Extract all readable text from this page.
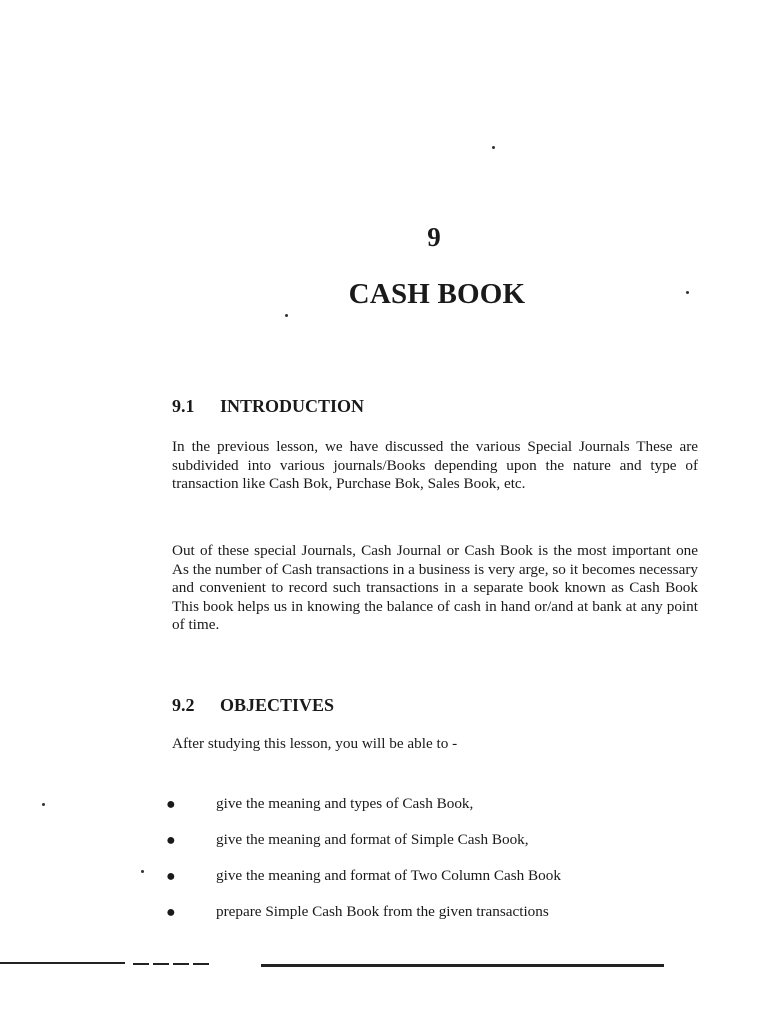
9
CASH BOOK
9.1 INTRODUCTION

In the previous lesson, we have discussed the various Special Journals These are subdivided into various journals/Books depending upon the nature and type of transaction like Cash Bok, Purchase Bok, Sales Book, etc.

Out of these special Journals, Cash Journal or Cash Book is the most important one As the number of Cash transactions in a business is very arge, so it becomes necessary and convenient to record such transactions in a separate book known as Cash Book This book helps us in knowing the balance of cash in hand or/and at bank at any point of time.

9.2 OBJECTIVES

After studying this lesson, you will be able to -

●	give the meaning and types of Cash Book,
●	give the meaning and format of Simple Cash Book,
●	give the meaning and format of Two Column Cash Book
●	prepare Simple Cash Book from the given transactions
